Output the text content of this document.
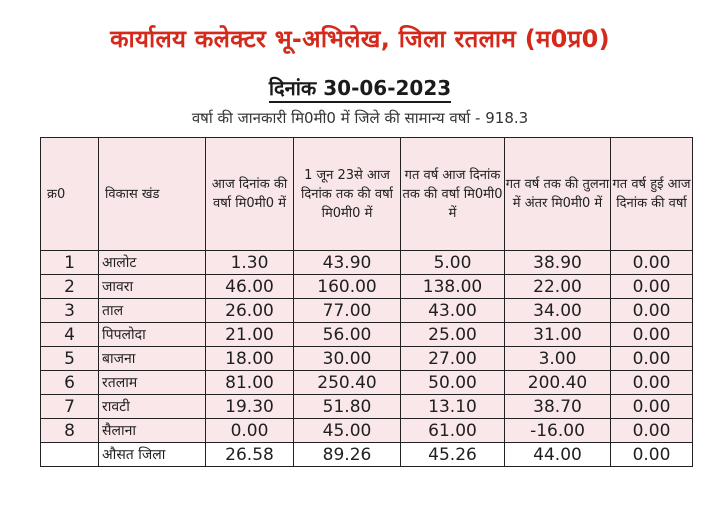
कार्यालय कलेक्टर भू-अभिलेख, जिला रतलाम (म0प्र0)
दिनांक 30-06-2023
वर्षा की जानकारी मि0मी0 में जिले की सामान्य वर्षा - 918.3
क्र0	विकास खंड	आज दिनांक की वर्षा मि0मी0 में	1 जून 23से आज दिनांक तक की वर्षा मि0मी0 में	गत वर्ष आज दिनांक तक की वर्षा मि0मी0 में	गत वर्ष तक की तुलना में अंतर मि0मी0 में	गत वर्ष हुई आज दिनांक की वर्षा
1	आलोट	1.30	43.90	5.00	38.90	0.00
2	जावरा	46.00	160.00	138.00	22.00	0.00
3	ताल	26.00	77.00	43.00	34.00	0.00
4	पिपलोदा	21.00	56.00	25.00	31.00	0.00
5	बाजना	18.00	30.00	27.00	3.00	0.00
6	रतलाम	81.00	250.40	50.00	200.40	0.00
7	रावटी	19.30	51.80	13.10	38.70	0.00
8	सैलाना	0.00	45.00	61.00	-16.00	0.00
	औसत जिला	26.58	89.26	45.26	44.00	0.00
